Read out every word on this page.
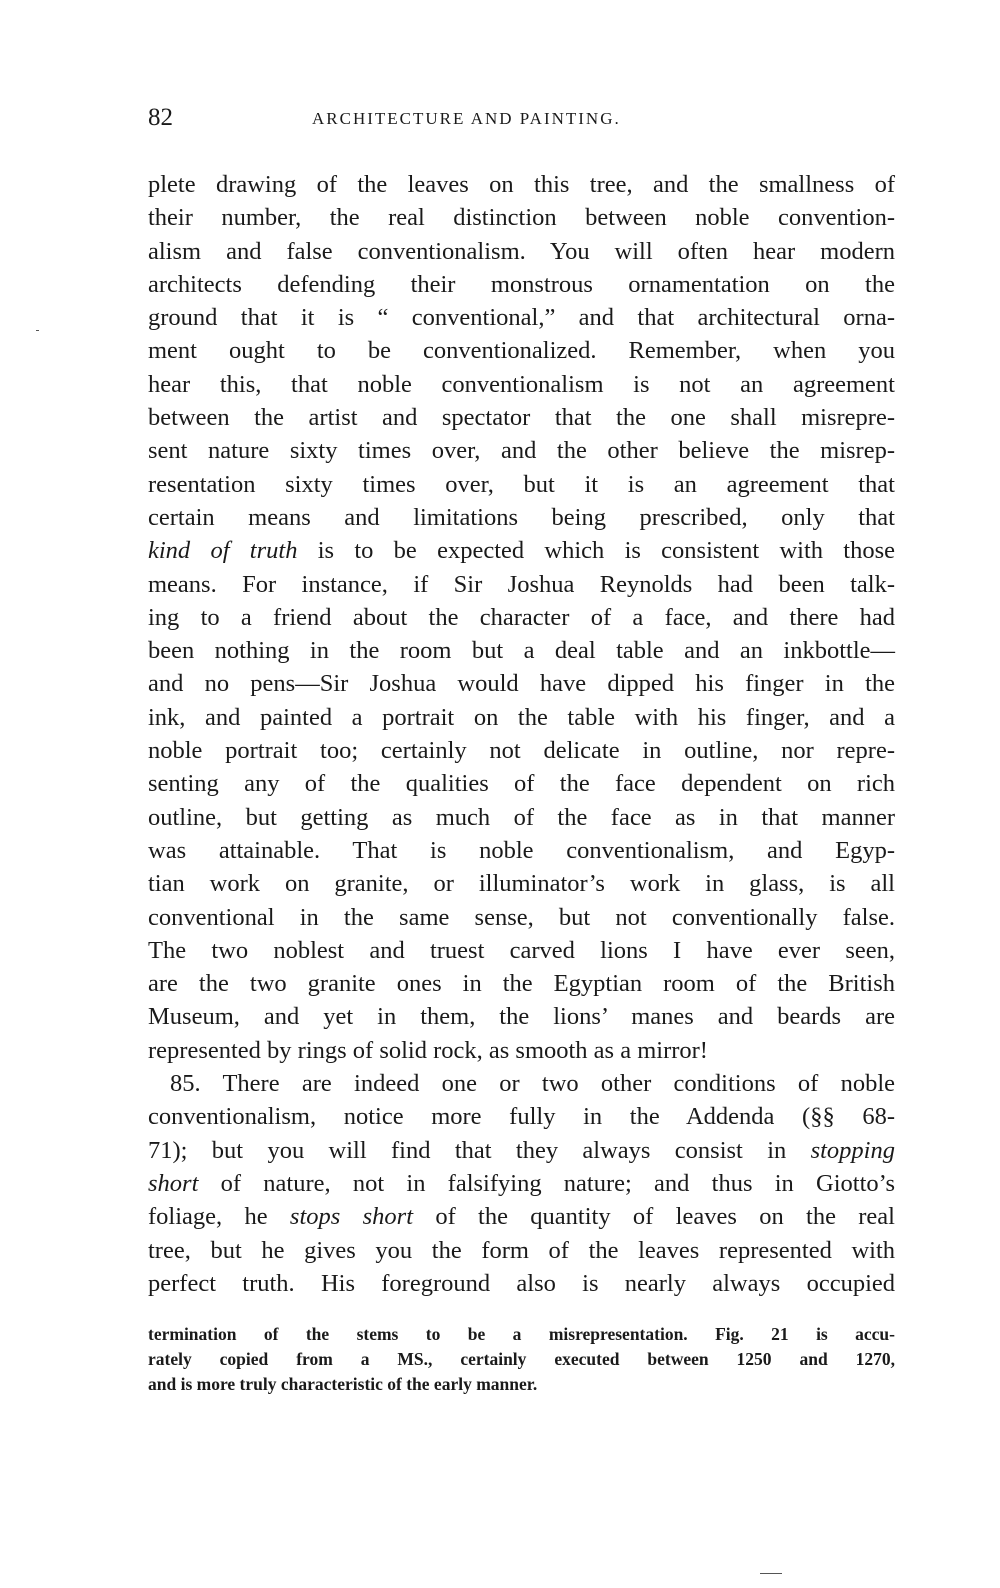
82	ARCHITECTURE AND PAINTING.
plete drawing of the leaves on this tree, and the smallness of
their number, the real distinction between noble convention-
alism and false conventionalism. You will often hear modern
architects defending their monstrous ornamentation on the
ground that it is “ conventional,” and that architectural orna-
ment ought to be conventionalized. Remember, when you
hear this, that noble conventionalism is not an agreement
between the artist and spectator that the one shall misrepre-
sent nature sixty times over, and the other believe the misrep-
resentation sixty times over, but it is an agreement that
certain means and limitations being prescribed, only that
kind of truth is to be expected which is consistent with those
means. For instance, if Sir Joshua Reynolds had been talk-
ing to a friend about the character of a face, and there had
been nothing in the room but a deal table and an inkbottle—
and no pens—Sir Joshua would have dipped his finger in the
ink, and painted a portrait on the table with his finger, and a
noble portrait too; certainly not delicate in outline, nor repre-
senting any of the qualities of the face dependent on rich
outline, but getting as much of the face as in that manner
was attainable. That is noble conventionalism, and Egyp-
tian work on granite, or illuminator’s work in glass, is all
conventional in the same sense, but not conventionally false.
The two noblest and truest carved lions I have ever seen,
are the two granite ones in the Egyptian room of the British
Museum, and yet in them, the lions’ manes and beards are
represented by rings of solid rock, as smooth as a mirror!
85. There are indeed one or two other conditions of noble
conventionalism, notice more fully in the Addenda (§§ 68-
71); but you will find that they always consist in stopping
short of nature, not in falsifying nature; and thus in Giotto’s
foliage, he stops short of the quantity of leaves on the real
tree, but he gives you the form of the leaves represented with
perfect truth. His foreground also is nearly always occupied
termination of the stems to be a misrepresentation. Fig. 21 is accu-
rately copied from a MS., certainly executed between 1250 and 1270,
and is more truly characteristic of the early manner.
